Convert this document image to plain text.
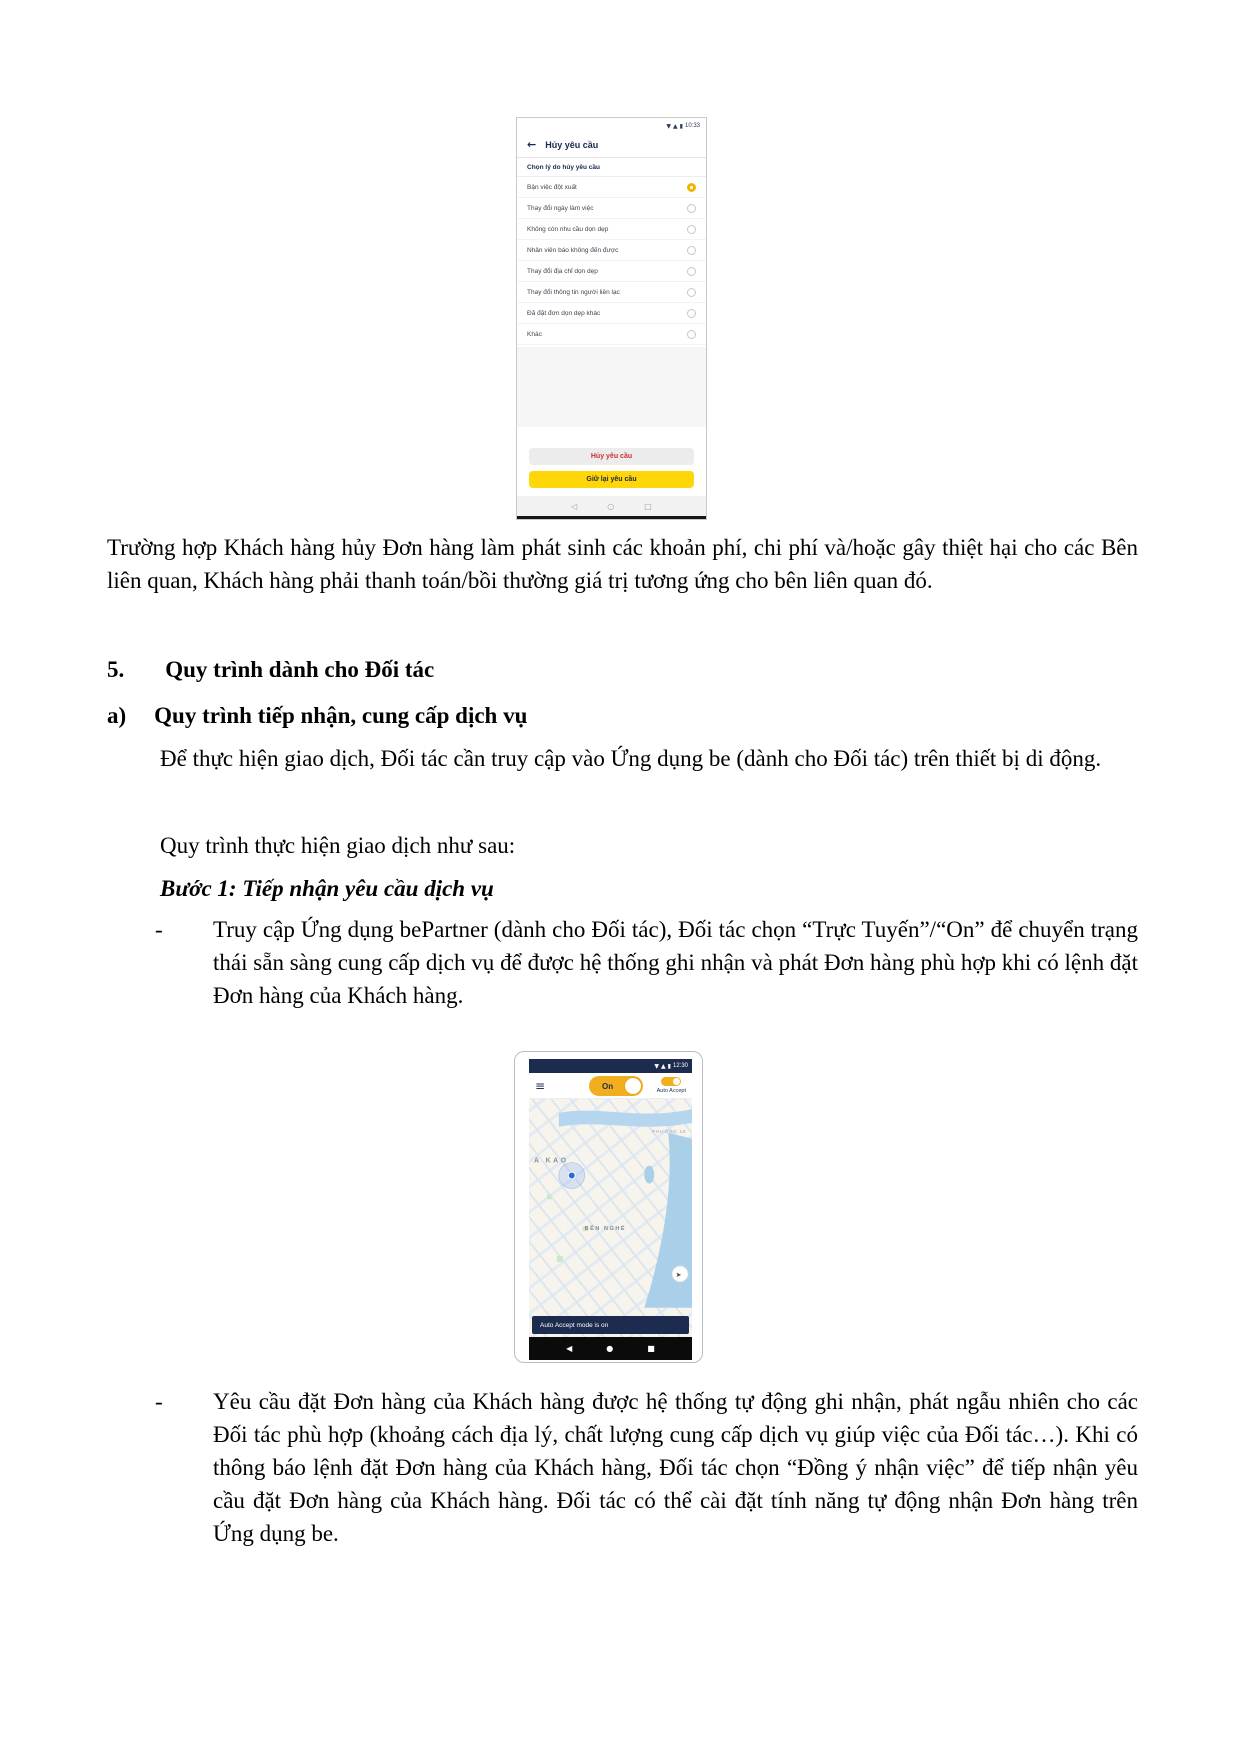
▼ ▲ ▮ 10:33
← Hủy yêu cầu
Chọn lý do hủy yêu cầu
Bận việc đột xuất
Thay đổi ngày làm việc
Không còn nhu cầu dọn dẹp
Nhân viên báo không đến được
Thay đổi địa chỉ dọn dẹp
Thay đổi thông tin người liên lạc
Đã đặt đơn dọn dẹp khác
Khác
Hủy yêu cầu
Giữ lại yêu cầu
◁	○	□
Trường hợp Khách hàng hủy Đơn hàng làm phát sinh các khoản phí, chi phí và/hoặc gây thiệt hại cho các Bên liên quan, Khách hàng phải thanh toán/bồi thường giá trị tương ứng cho bên liên quan đó.
5. Quy trình dành cho Đối tác
a) Quy trình tiếp nhận, cung cấp dịch vụ
Để thực hiện giao dịch, Đối tác cần truy cập vào Ứng dụng be (dành cho Đối tác) trên thiết bị di động.
Quy trình thực hiện giao dịch như sau:
Bước 1: Tiếp nhận yêu cầu dịch vụ
-	Truy cập Ứng dụng bePartner (dành cho Đối tác), Đối tác chọn “Trực Tuyến”/“On” để chuyển trạng thái sẵn sàng cung cấp dịch vụ để được hệ thống ghi nhận và phát Đơn hàng phù hợp khi có lệnh đặt Đơn hàng của Khách hàng.
▼ ▲ ▮ 12:30
≡	On
Auto Accept
A KAO
PHƯỜNG 19
BẾN NGHÉ
➤
Auto Accept mode is on
◀	●	■
-	Yêu cầu đặt Đơn hàng của Khách hàng được hệ thống tự động ghi nhận, phát ngẫu nhiên cho các Đối tác phù hợp (khoảng cách địa lý, chất lượng cung cấp dịch vụ giúp việc của Đối tác…). Khi có thông báo lệnh đặt Đơn hàng của Khách hàng, Đối tác chọn “Đồng ý nhận việc” để tiếp nhận yêu cầu đặt Đơn hàng của Khách hàng. Đối tác có thể cài đặt tính năng tự động nhận Đơn hàng trên Ứng dụng be.
